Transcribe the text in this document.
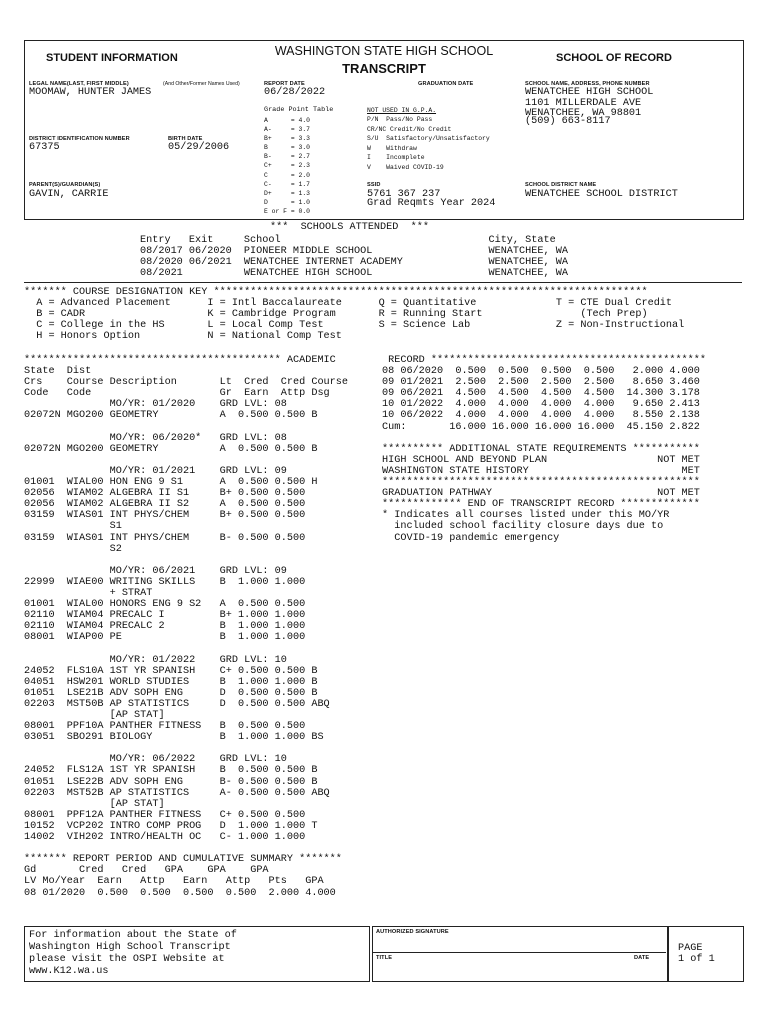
STUDENT INFORMATION	WASHINGTON STATE HIGH SCHOOL
TRANSCRIPT
SCHOOL OF RECORD
LEGAL NAME(LAST, FIRST MIDDLE)	(And Other/Former Names Used)
MOOMAW, HUNTER JAMES
REPORT DATE
06/28/2022
GRADUATION DATE	SCHOOL NAME, ADDRESS, PHONE NUMBER
WENATCHEE HIGH SCHOOL
1101 MILLERDALE AVE
WENATCHEE, WA 98801
(509) 663-8117
Grade Point Table
A      = 4.0
A-     = 3.7
B+     = 3.3
B      = 3.0
B-     = 2.7
C+     = 2.3
C      = 2.0
C-     = 1.7
D+     = 1.3
D      = 1.0
E or F = 0.0
NOT USED IN G.P.A.
P/N  Pass/No Pass
CR/NC Credit/No Credit
S/U  Satisfactory/Unsatisfactory
W    Withdraw
I    Incomplete
V    Waived COVID-19
DISTRICT IDENTIFICATION NUMBER
67375
BIRTH DATE
05/29/2006
PARENT(S)/GUARDIAN(S)
GAVIN, CARRIE
SSID
5761 367 237
Grad Reqmts Year 2024
SCHOOL DISTRICT NAME
WENATCHEE SCHOOL DISTRICT
***  SCHOOLS ATTENDED  ***
Entry   Exit     School                                  City, State
08/2017 06/2020  PIONEER MIDDLE SCHOOL                   WENATCHEE, WA
08/2020 06/2021  WENATCHEE INTERNET ACADEMY              WENATCHEE, WA
08/2021          WENATCHEE HIGH SCHOOL                   WENATCHEE, WA
******* COURSE DESIGNATION KEY ***********************************************************************
A = Advanced Placement      I = Intl Baccalaureate      Q = Quantitative             T = CTE Dual Credit
B = CADR                    K = Cambridge Program       R = Running Start                (Tech Prep)
C = College in the HS       L = Local Comp Test         S = Science Lab              Z = Non-Instructional
H = Honors Option           N = National Comp Test
****************************************** ACADEMIC
State  Dist
Crs    Course Description       Lt  Cred  Cred Course
Code   Code                     Gr  Earn  Attp Dsg
MO/YR: 01/2020    GRD LVL: 08
02072N MGO200 GEOMETRY          A  0.500 0.500 B
MO/YR: 06/2020*   GRD LVL: 08
02072N MGO200 GEOMETRY          A  0.500 0.500 B
MO/YR: 01/2021    GRD LVL: 09
01001  WIAL00 HON ENG 9 S1      A  0.500 0.500 H
02056  WIAM02 ALGEBRA II S1     B+ 0.500 0.500
02056  WIAM02 ALGEBRA II S2     A  0.500 0.500
03159  WIAS01 INT PHYS/CHEM     B+ 0.500 0.500
S1
03159  WIAS01 INT PHYS/CHEM     B- 0.500 0.500
S2
MO/YR: 06/2021    GRD LVL: 09
22999  WIAE00 WRITING SKILLS    B  1.000 1.000
+ STRAT
01001  WIAL00 HONORS ENG 9 S2   A  0.500 0.500
02110  WIAM04 PRECALC I         B+ 1.000 1.000
02110  WIAM04 PRECALC 2         B  1.000 1.000
08001  WIAP00 PE                B  1.000 1.000
MO/YR: 01/2022    GRD LVL: 10
24052  FLS10A 1ST YR SPANISH    C+ 0.500 0.500 B
04051  HSW201 WORLD STUDIES     B  1.000 1.000 B
01051  LSE21B ADV SOPH ENG      D  0.500 0.500 B
02203  MST50B AP STATISTICS     D  0.500 0.500 ABQ
[AP STAT]
08001  PPF10A PANTHER FITNESS   B  0.500 0.500
03051  SBO291 BIOLOGY           B  1.000 1.000 BS
MO/YR: 06/2022    GRD LVL: 10
24052  FLS12A 1ST YR SPANISH    B  0.500 0.500 B
01051  LSE22B ADV SOPH ENG      B- 0.500 0.500 B
02203  MST52B AP STATISTICS     A- 0.500 0.500 ABQ
[AP STAT]
08001  PPF12A PANTHER FITNESS   C+ 0.500 0.500
10152  VCP202 INTRO COMP PROG   D  1.000 1.000 T
14002  VIH202 INTRO/HEALTH OC   C- 1.000 1.000
******* REPORT PERIOD AND CUMULATIVE SUMMARY *******
Gd       Cred   Cred   GPA    GPA    GPA
LV Mo/Year  Earn   Attp   Earn   Attp   Pts   GPA
08 01/2020  0.500  0.500  0.500  0.500  2.000 4.000
RECORD *********************************************
08 06/2020  0.500  0.500  0.500  0.500   2.000 4.000
09 01/2021  2.500  2.500  2.500  2.500   8.650 3.460
09 06/2021  4.500  4.500  4.500  4.500  14.300 3.178
10 01/2022  4.000  4.000  4.000  4.000   9.650 2.413
10 06/2022  4.000  4.000  4.000  4.000   8.550 2.138
Cum:       16.000 16.000 16.000 16.000  45.150 2.822
********** ADDITIONAL STATE REQUIREMENTS ***********
HIGH SCHOOL AND BEYOND PLAN                  NOT MET
WASHINGTON STATE HISTORY                         MET
****************************************************
GRADUATION PATHWAY                           NOT MET
************* END OF TRANSCRIPT RECORD *************
* Indicates all courses listed under this MO/YR
included school facility closure days due to
COVID-19 pandemic emergency
For information about the State of
Washington High School Transcript
please visit the OSPI Website at
www.K12.wa.us
AUTHORIZED SIGNATURE
TITLE	DATE
PAGE
1 of 1
